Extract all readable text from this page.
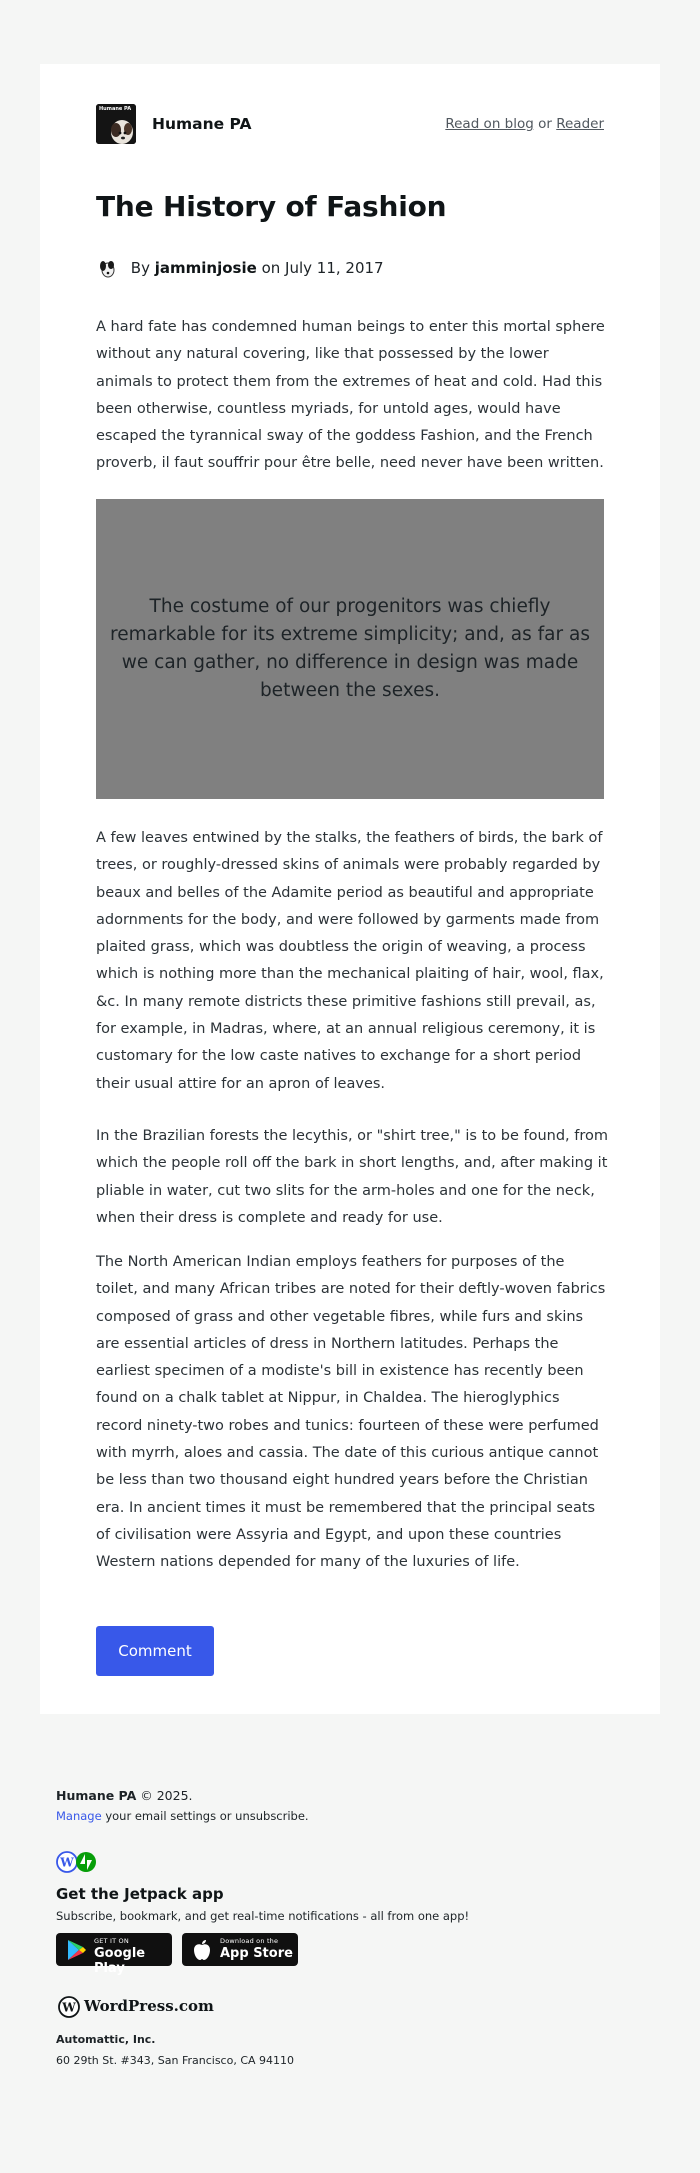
Humane PA
Humane PA	Read on blog or Reader
The History of Fashion
By jamminjosie on July 11, 2017

A hard fate has condemned human beings to enter this mortal sphere without any natural covering, like that possessed by the lower animals to protect them from the extremes of heat and cold. Had this been otherwise, countless myriads, for untold ages, would have escaped the tyrannical sway of the goddess Fashion, and the French proverb, il faut souffrir pour être belle, need never have been written.

The costume of our progenitors was chiefly remarkable for its extreme simplicity; and, as far as we can gather, no difference in design was made between the sexes.

A few leaves entwined by the stalks, the feathers of birds, the bark of trees, or roughly-dressed skins of animals were probably regarded by beaux and belles of the Adamite period as beautiful and appropriate adornments for the body, and were followed by garments made from plaited grass, which was doubtless the origin of weaving, a process which is nothing more than the mechanical plaiting of hair, wool, flax, &c. In many remote districts these primitive fashions still prevail, as, for example, in Madras, where, at an annual religious ceremony, it is customary for the low caste natives to exchange for a short period their usual attire for an apron of leaves.

In the Brazilian forests the lecythis, or "shirt tree," is to be found, from which the people roll off the bark in short lengths, and, after making it pliable in water, cut two slits for the arm-holes and one for the neck, when their dress is complete and ready for use.

The North American Indian employs feathers for purposes of the toilet, and many African tribes are noted for their deftly-woven fabrics composed of grass and other vegetable fibres, while furs and skins are essential articles of dress in Northern latitudes. Perhaps the earliest specimen of a modiste's bill in existence has recently been found on a chalk tablet at Nippur, in Chaldea. The hieroglyphics record ninety-two robes and tunics: fourteen of these were perfumed with myrrh, aloes and cassia. The date of this curious antique cannot be less than two thousand eight hundred years before the Christian era. In ancient times it must be remembered that the principal seats of civilisation were Assyria and Egypt, and upon these countries Western nations depended for many of the luxuries of life.

Comment
Humane PA © 2025.
Manage your email settings or unsubscribe.
W
Get the Jetpack app
Subscribe, bookmark, and get real-time notifications - all from one app!
GET IT ON
Google Play
Download on the
App Store
W WordPress.com
Automattic, Inc.
60 29th St. #343, San Francisco, CA 94110
